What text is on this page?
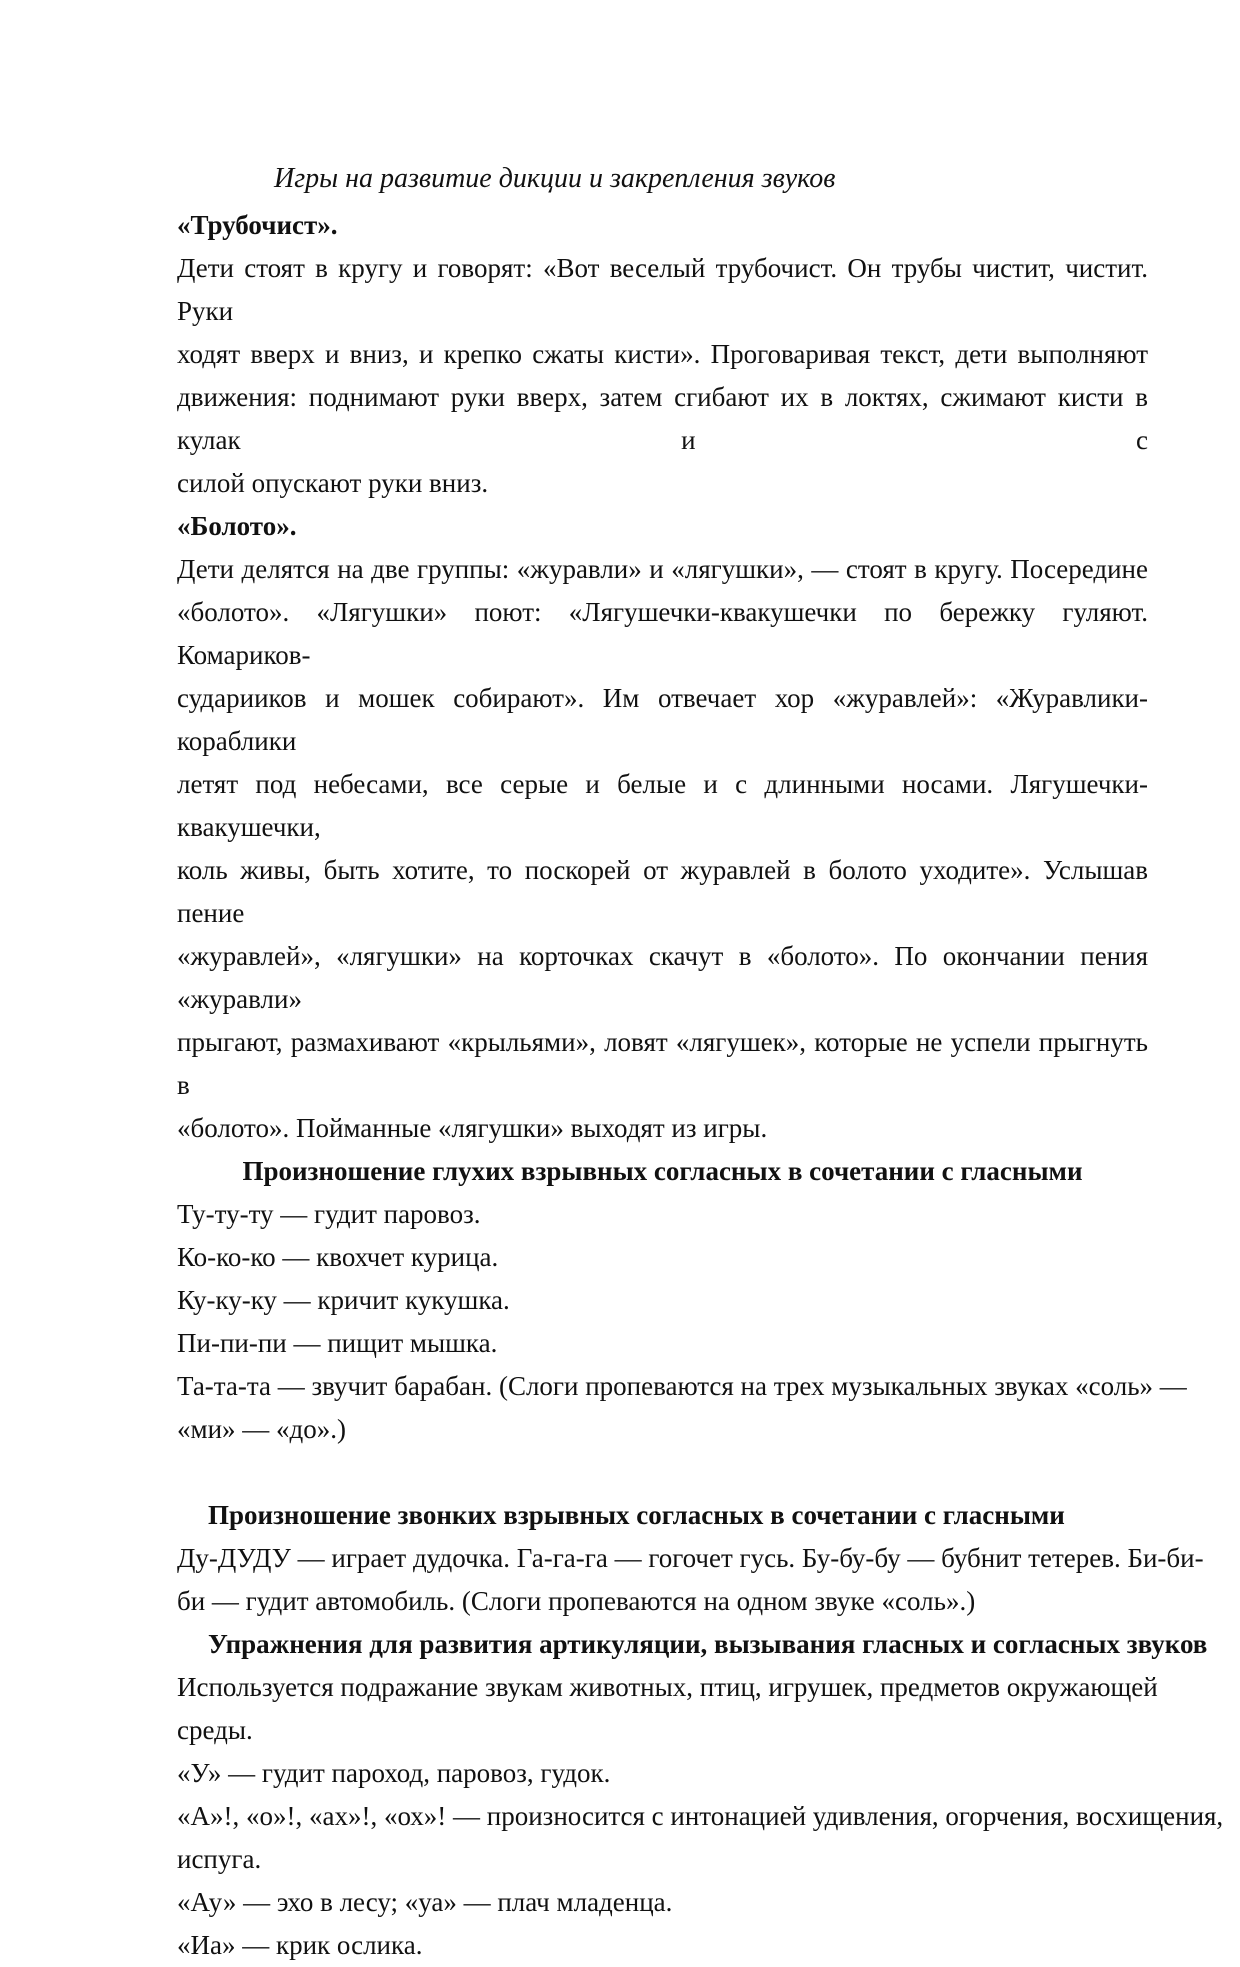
Игры на развитие дикции и закрепления звуков
«Трубочист».
Дети стоят в кругу и говорят: «Вот веселый трубочист. Он трубы чистит, чистит. Руки
ходят вверх и вниз, и крепко сжаты кисти». Проговаривая текст, дети выполняют
движения: поднимают руки вверх, затем сгибают их в локтях, сжимают кисти в кулак и с
силой опускают руки вниз.
«Болото».
Дети делятся на две группы: «журавли» и «лягушки», — стоят в кругу. Посередине
«болото». «Лягушки» поют: «Лягушечки-квакушечки по бережку гуляют. Комариков-
сударииков и мошек собирают». Им отвечает хор «журавлей»: «Журавлики-кораблики
летят под небесами, все серые и белые и с длинными носами. Лягушечки-квакушечки,
коль живы, быть хотите, то поскорей от журавлей в болото уходите». Услышав пение
«журавлей», «лягушки» на корточках скачут в «болото». По окончании пения «журавли»
прыгают, размахивают «крыльями», ловят «лягушек», которые не успели прыгнуть в
«болото». Пойманные «лягушки» выходят из игры.
Произношение глухих взрывных согласных в сочетании с гласными
Ту-ту-ту — гудит паровоз.
Ко-ко-ко — квохчет курица.
Ку-ку-ку — кричит кукушка.
Пи-пи-пи — пищит мышка.
Та-та-та — звучит барабан. (Слоги пропеваются на трех музыкальных звуках «соль» —
«ми» — «до».)
Произношение звонких взрывных согласных в сочетании с гласными
Ду-ДУДУ — играет дудочка. Га-га-га — гогочет гусь. Бу-бу-бу — бубнит тетерев. Би-би-
би — гудит автомобиль. (Слоги пропеваются на одном звуке «соль».)
Упражнения для развития артикуляции, вызывания гласных и согласных звуков
Используется подражание звукам животных, птиц, игрушек, предметов окружающей
среды.
«У» — гудит пароход, паровоз, гудок.
«А»!, «о»!, «ах»!, «ох»! — произносится с интонацией удивления, огорчения, восхищения,
испуга.
«Ау» — эхо в лесу; «уа» — плач младенца.
«Иа» — крик ослика.
